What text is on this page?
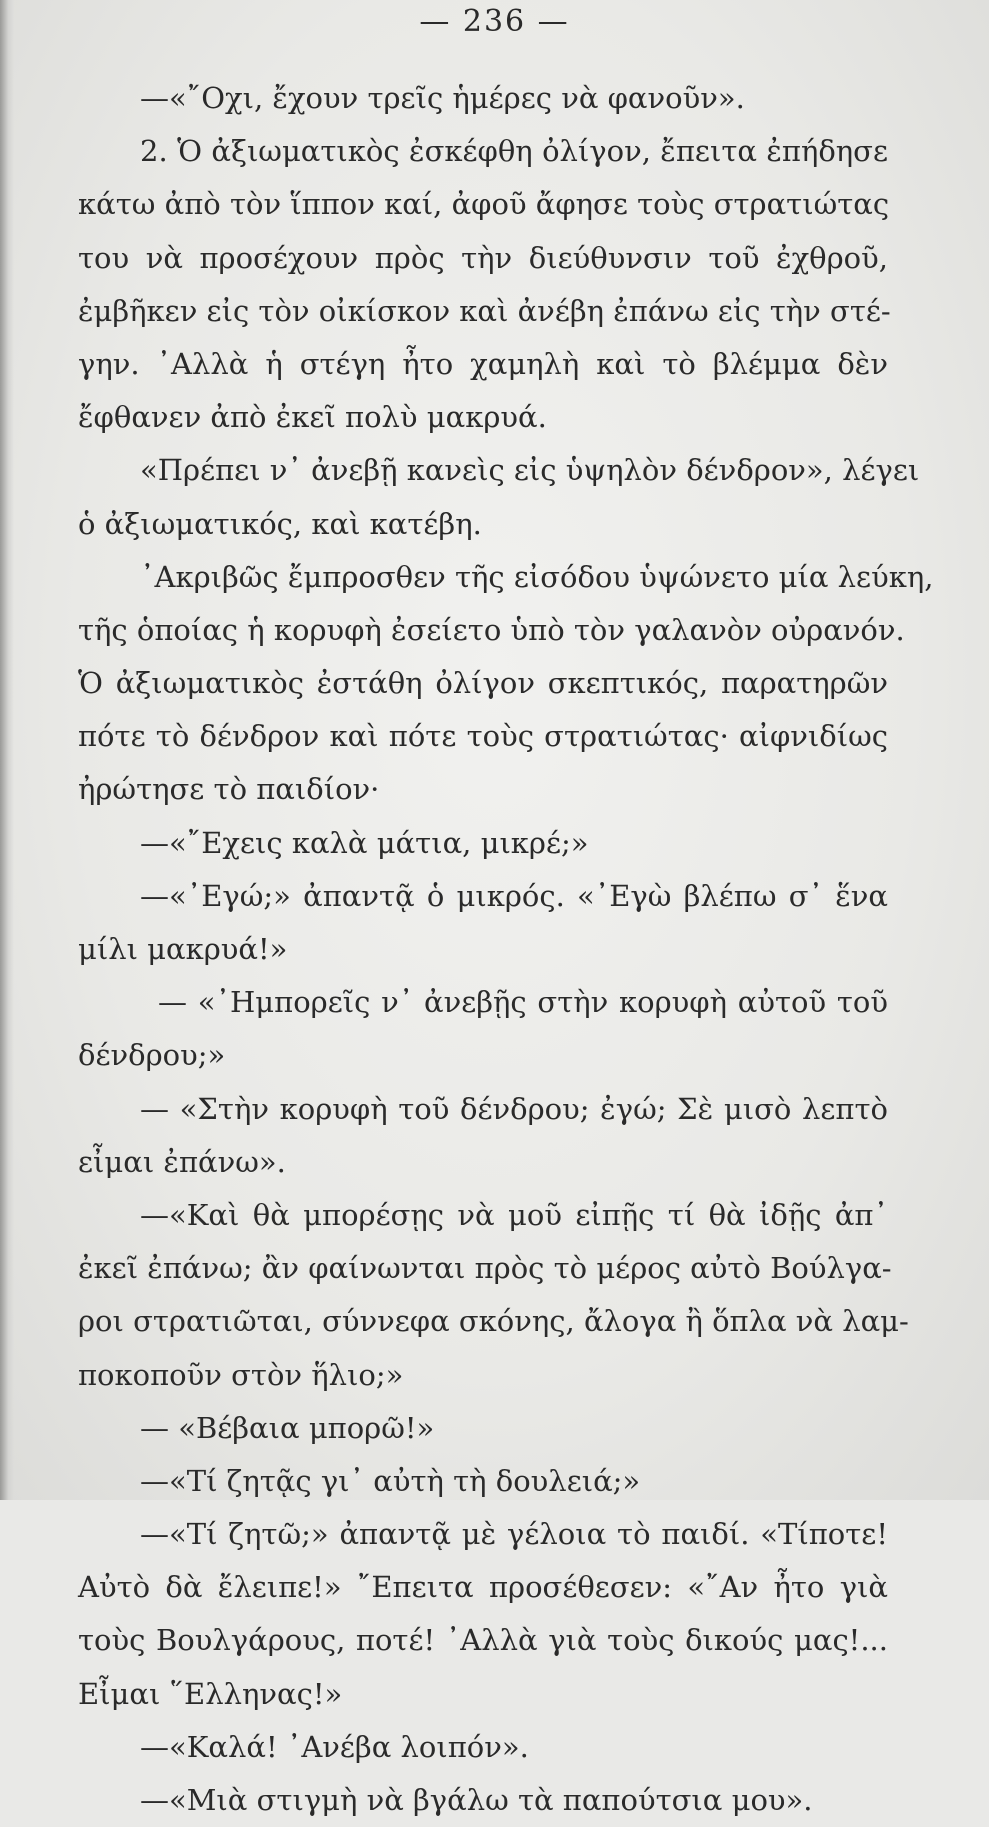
— 236 —
—«῎Οχι, ἔχουν τρεῖς ἡμέρες νὰ φανοῦν».
2. Ὁ ἀξιωματικὸς ἐσκέφθη ὀλίγον, ἔπειτα ἐπήδησε
κάτω ἀπὸ τὸν ἵππον καί, ἀφοῦ ἄφησε τοὺς στρατιώτας
του νὰ προσέχουν πρὸς τὴν διεύθυνσιν τοῦ ἐχθροῦ,
ἐμβῆκεν εἰς τὸν οἰκίσκον καὶ ἀνέβη ἐπάνω εἰς τὴν στέ-
γην. ᾿Αλλὰ ἡ στέγη ἦτο χαμηλὴ καὶ τὸ βλέμμα δὲν
ἔφθανεν ἀπὸ ἐκεῖ πολὺ μακρυά.
«Πρέπει ν᾿ ἀνεβῇ κανεὶς εἰς ὑψηλὸν δένδρον», λέγει
ὁ ἀξιωματικός, καὶ κατέβη.
᾿Ακριβῶς ἔμπροσθεν τῆς εἰσόδου ὑψώνετο μία λεύκη,
τῆς ὁποίας ἡ κορυφὴ ἐσείετο ὑπὸ τὸν γαλανὸν οὐρανόν.
Ὁ ἀξιωματικὸς ἐστάθη ὀλίγον σκεπτικός, παρατηρῶν
πότε τὸ δένδρον καὶ πότε τοὺς στρατιώτας· αἰφνιδίως
ἠρώτησε τὸ παιδίον·
—«῎Εχεις καλὰ μάτια, μικρέ;»
—«᾿Εγώ;» ἀπαντᾷ ὁ μικρός. «᾿Εγὼ βλέπω σ᾿ ἕνα
μίλι μακρυά!»
— «᾿Ημπορεῖς ν᾿ ἀνεβῇς στὴν κορυφὴ αὐτοῦ τοῦ
δένδρου;»
— «Στὴν κορυφὴ τοῦ δένδρου; ἐγώ; Σὲ μισὸ λεπτὸ
εἶμαι ἐπάνω».
—«Καὶ θὰ μπορέσῃς νὰ μοῦ εἰπῇς τί θὰ ἰδῇς ἀπ᾿
ἐκεῖ ἐπάνω; ἂν φαίνωνται πρὸς τὸ μέρος αὐτὸ Βούλγα-
ροι στρατιῶται, σύννεφα σκόνης, ἄλογα ἢ ὅπλα νὰ λαμ-
ποκοποῦν στὸν ἥλιο;»
— «Βέβαια μπορῶ!»
—«Τί ζητᾷς γι᾿ αὐτὴ τὴ δουλειά;»
—«Τί ζητῶ;» ἀπαντᾷ μὲ γέλοια τὸ παιδί. «Τίποτε!
Αὐτὸ δὰ ἔλειπε!» ῎Επειτα προσέθεσεν: «῎Αν ἦτο γιὰ
τοὺς Βουλγάρους, ποτέ! ᾿Αλλὰ γιὰ τοὺς δικούς μας!...
Εἶμαι ῞Ελληνας!»
—«Καλά! ᾿Ανέβα λοιπόν».
—«Μιὰ στιγμὴ νὰ βγάλω τὰ παπούτσια μου».
